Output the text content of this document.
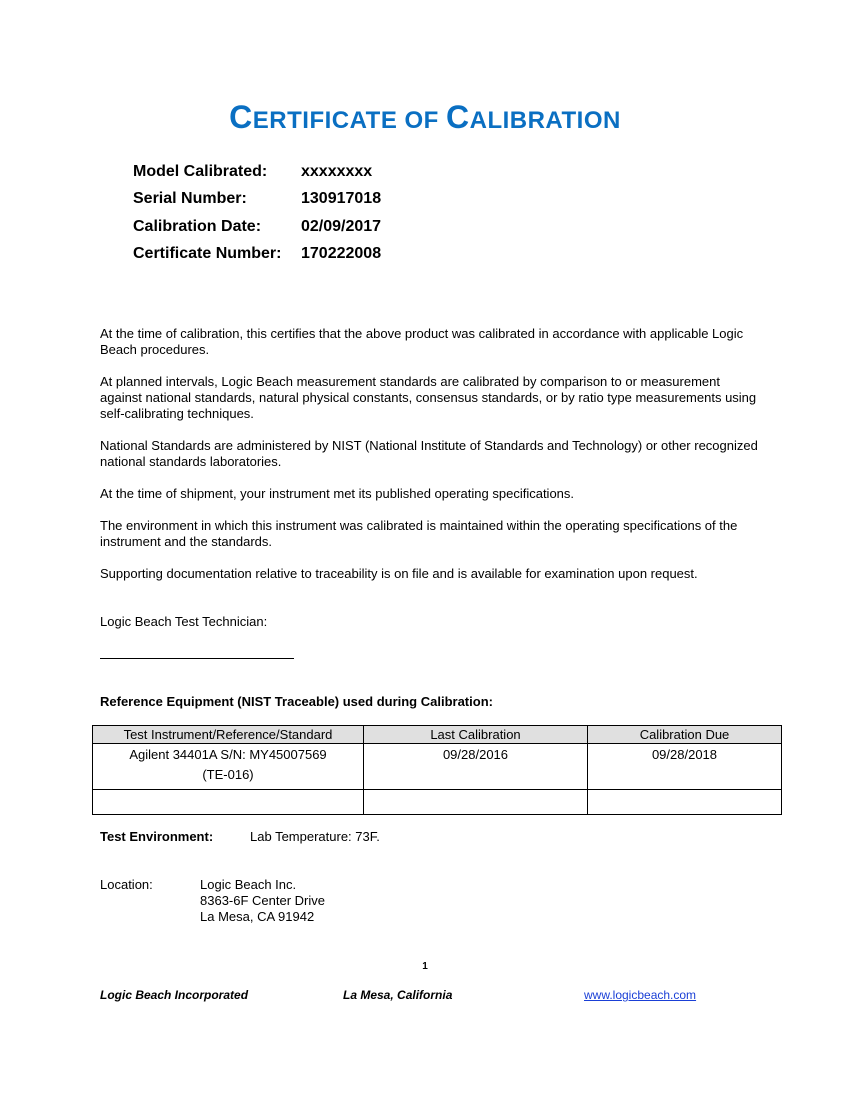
CERTIFICATE OF CALIBRATION
Model Calibrated:	xxxxxxxx
Serial Number:	130917018
Calibration Date:	02/09/2017
Certificate Number: 170222008
At the time of calibration, this certifies that the above product was calibrated in accordance with applicable Logic Beach procedures.
At planned intervals, Logic Beach measurement standards are calibrated by comparison to or measurement against national standards, natural physical constants, consensus standards, or by ratio type measurements using self-calibrating techniques.
National Standards are administered by NIST (National Institute of Standards and Technology) or other recognized national standards laboratories.
At the time of shipment, your instrument met its published operating specifications.
The environment in which this instrument was calibrated is maintained within the operating specifications of the instrument and the standards.
Supporting documentation relative to traceability is on file and is available for examination upon request.
Logic Beach Test Technician:
Reference Equipment (NIST Traceable) used during Calibration:
Test Instrument/Reference/Standard	Last Calibration	Calibration Due

Agilent 34401A S/N: MY45007569
(TE-016)	09/28/2016	09/28/2018

Test Environment:	Lab Temperature: 73F.
Location:	Logic Beach Inc.
8363-6F Center Drive
La Mesa, CA 91942
1
Logic Beach Incorporated	La Mesa, California	www.logicbeach.com
